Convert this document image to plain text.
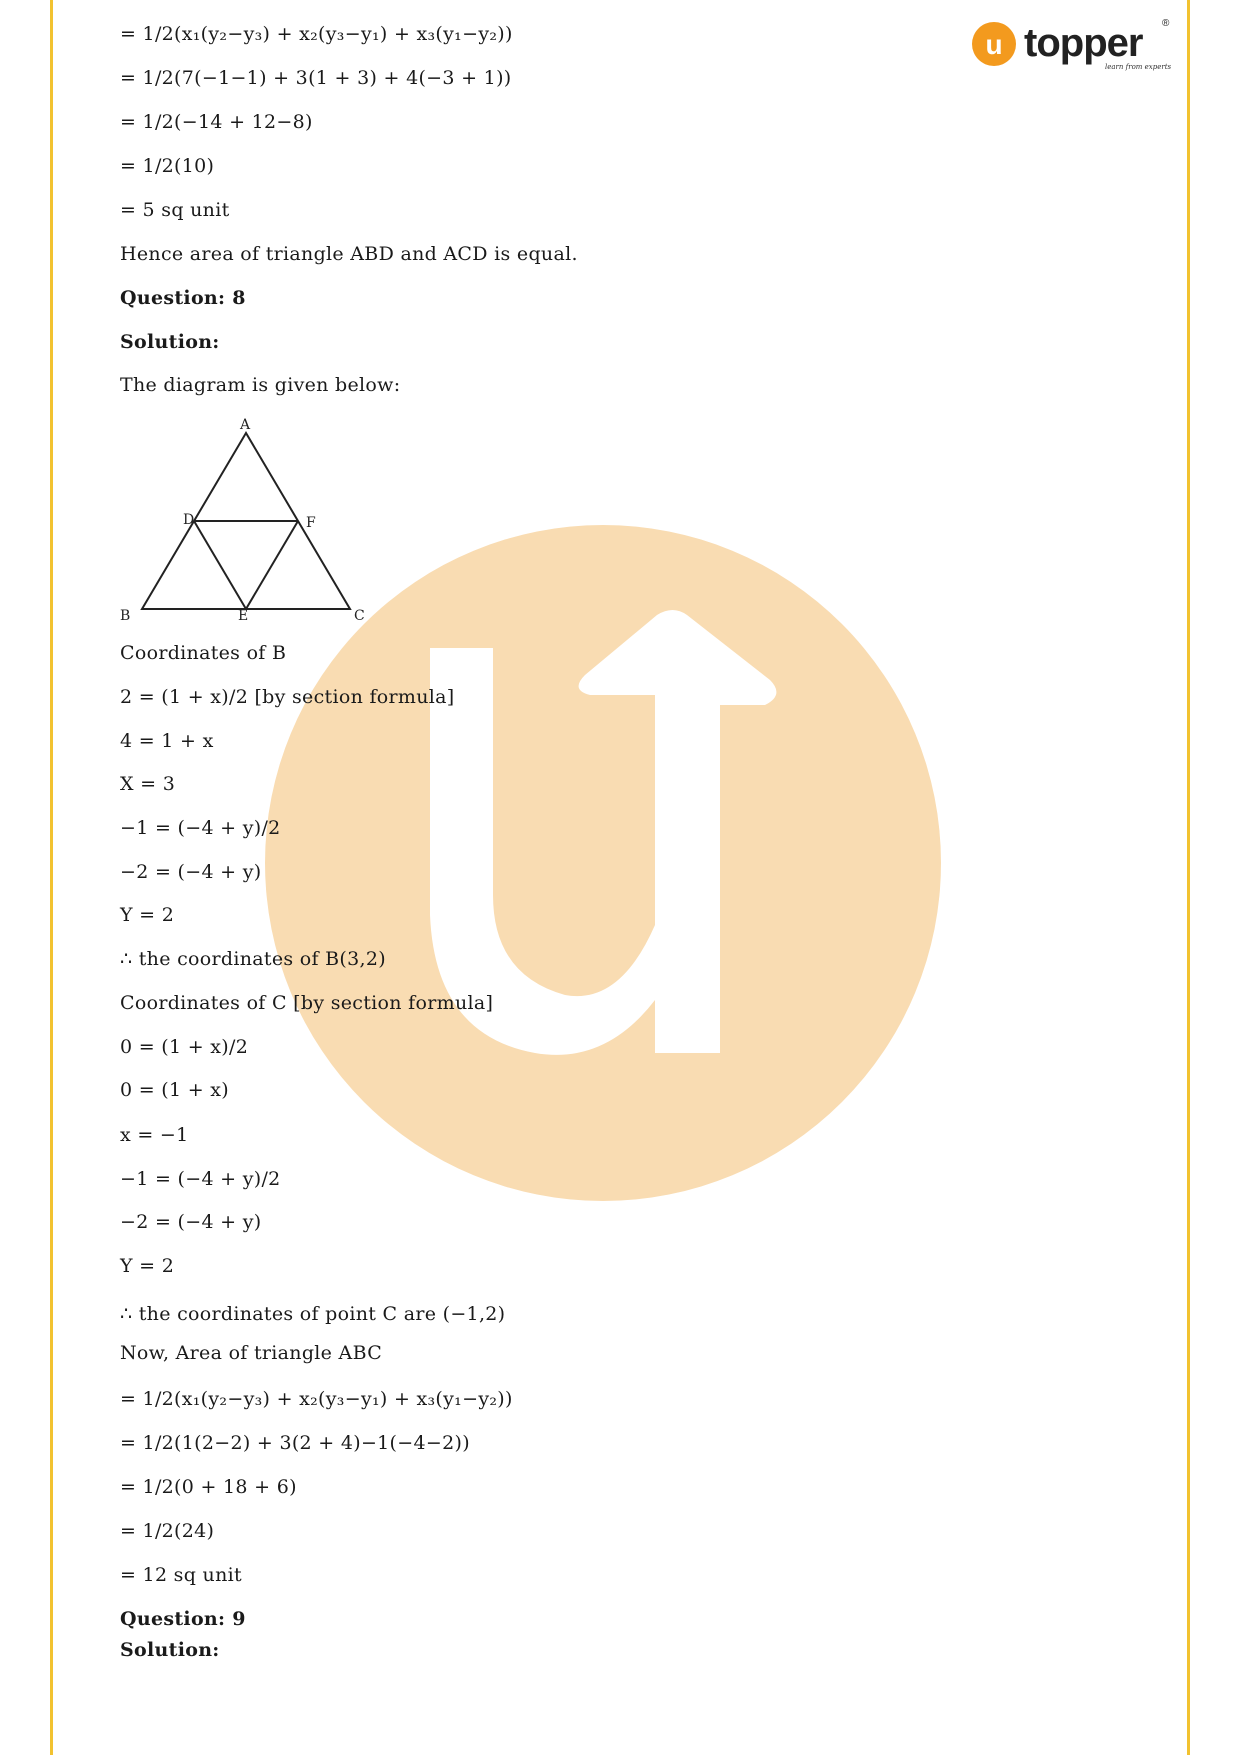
u topper ®
learn from experts
= 1/2(x₁(y₂−y₃) + x₂(y₃−y₁) + x₃(y₁−y₂))
= 1/2(7(−1−1) + 3(1 + 3) + 4(−3 + 1))
= 1/2(−14 + 12−8)
= 1/2(10)
= 5 sq unit
Hence area of triangle ABD and ACD is equal.
Question: 8
Solution:
The diagram is given below:
Coordinates of B
2 = (1 + x)/2 [by section formula]
4 = 1 + x
X = 3
−1 = (−4 + y)/2
−2 = (−4 + y)
Y = 2
∴ the coordinates of B(3,2)
Coordinates of C [by section formula]
0 = (1 + x)/2
0 = (1 + x)
x = −1
−1 = (−4 + y)/2
−2 = (−4 + y)
Y = 2
∴ the coordinates of point C are (−1,2)
Now, Area of triangle ABC
= 1/2(x₁(y₂−y₃) + x₂(y₃−y₁) + x₃(y₁−y₂))
= 1/2(1(2−2) + 3(2 + 4)−1(−4−2))
= 1/2(0 + 18 + 6)
= 1/2(24)
= 12 sq unit
Question: 9
Solution:
A
B	C
D
E
F
